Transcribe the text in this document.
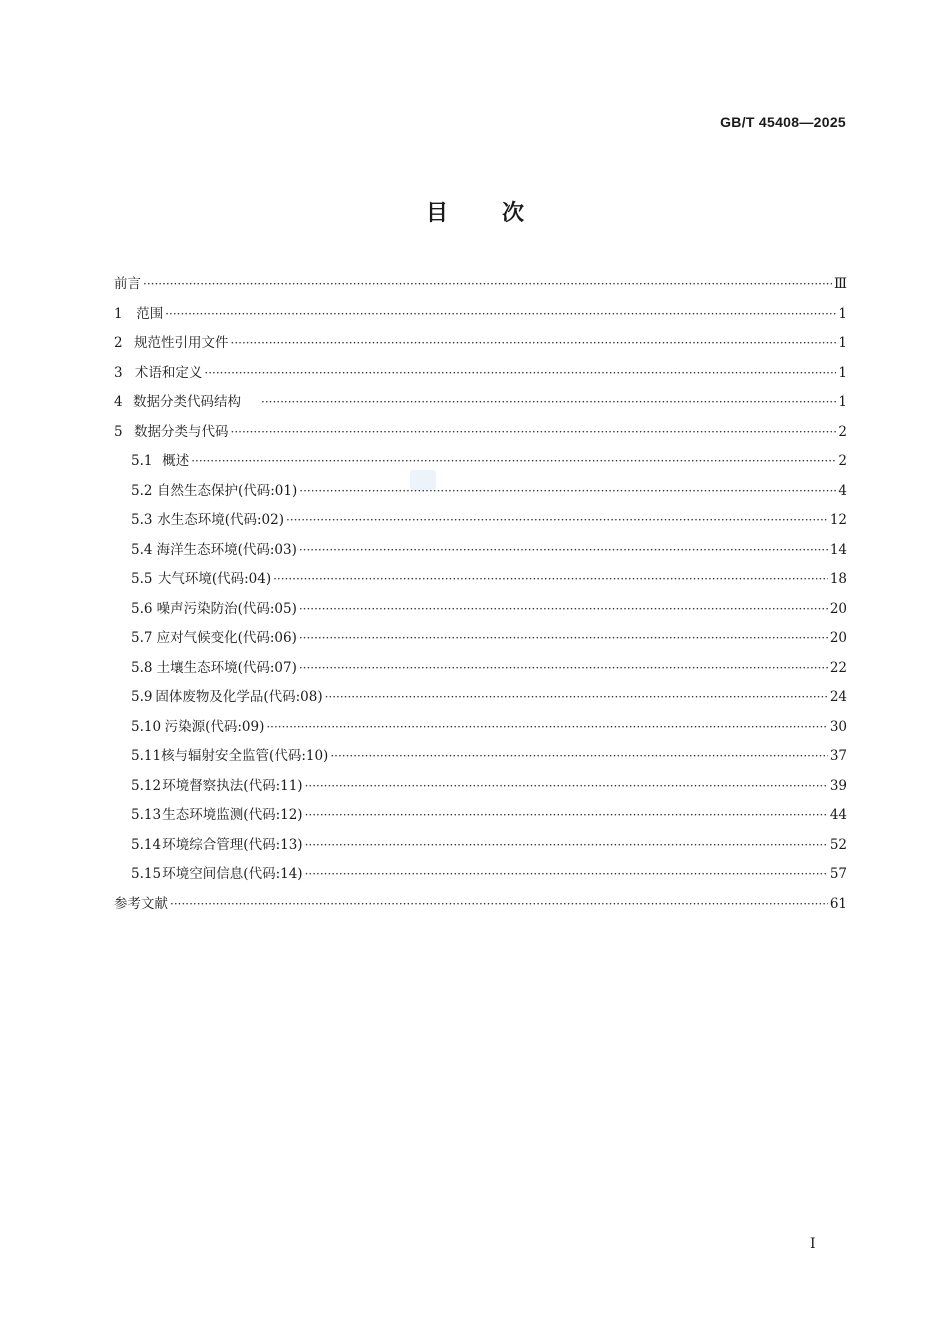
GB/T 45408—2025
目次
前言 ·····	Ⅲ
1	范围 ·····	1
2 规范性引用文件 ·····	1
3 术语和定义 ·····	1
4 数据分类代码结构 ·····	1
5 数据分类与代码 ·····	2
5.1 概述 ·····	2
5.2 自然生态保护(代码:01) ·····	4
5.3 水生态环境(代码:02) ·····	12
5.4 海洋生态环境(代码:03) ·····	14
5.5 大气环境(代码:04) ·····	18
5.6 噪声污染防治(代码:05) ·····	20
5.7 应对气候变化(代码:06) ·····	20
5.8 土壤生态环境(代码:07) ·····	22
5.9 固体废物及化学品(代码:08) ·····	24
5.10 污染源(代码:09) ·····	30
5.11 核与辐射安全监管(代码:10) ·····	37
5.12 环境督察执法(代码:11) ·····	39
5.13 生态环境监测(代码:12) ·····	44
5.14 环境综合管理(代码:13) ·····	52
5.15 环境空间信息(代码:14) ·····	57
参考文献 ·····	61
I
